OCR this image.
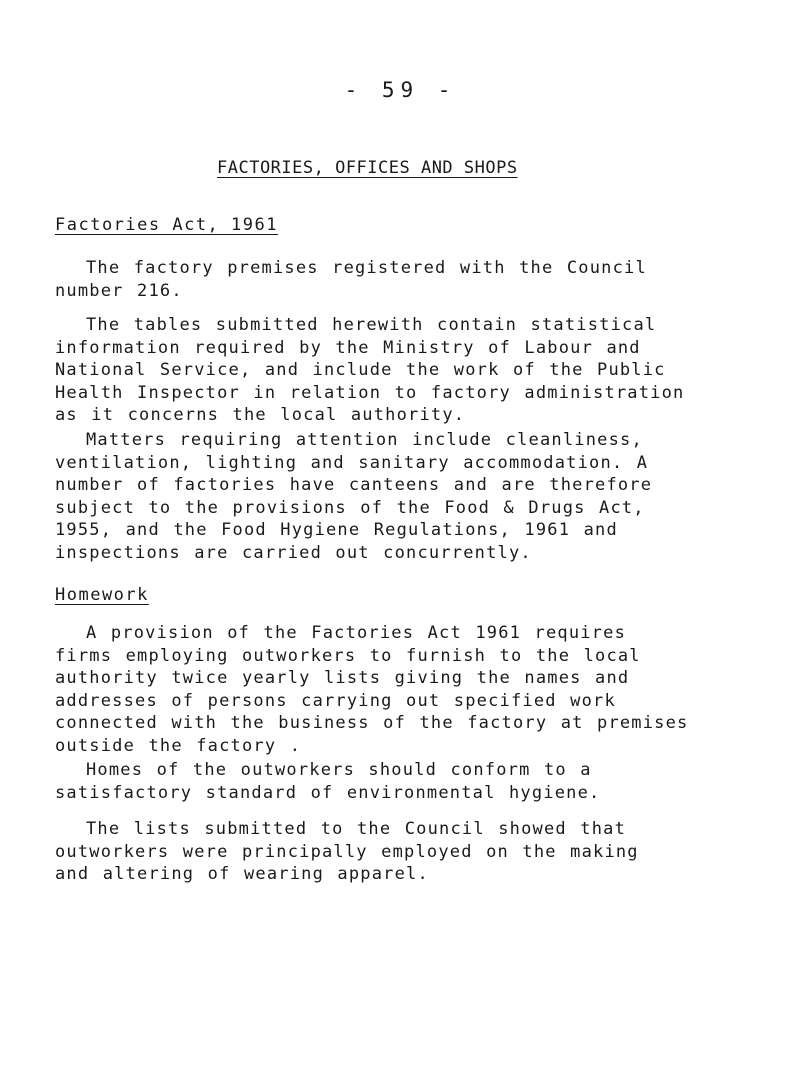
- 59 -
FACTORIES, OFFICES AND SHOPS
Factories Act, 1961

The factory premises registered with the Council
number 216.

The tables submitted herewith contain statistical
information required by the Ministry of Labour and
National Service, and include the work of the Public
Health Inspector in relation to factory administration
as it concerns the local authority.

Matters requiring attention include cleanliness,
ventilation, lighting and sanitary accommodation. A
number of factories have canteens and are therefore
subject to the provisions of the Food & Drugs Act,
1955, and the Food Hygiene Regulations, 1961 and
inspections are carried out concurrently.

Homework

A provision of the Factories Act 1961 requires
firms employing outworkers to furnish to the local
authority twice yearly lists giving the names and
addresses of persons carrying out specified work
connected with the business of the factory at premises
outside the factory .

Homes of the outworkers should conform to a
satisfactory standard of environmental hygiene.

The lists submitted to the Council showed that
outworkers were principally employed on the making
and altering of wearing apparel.
